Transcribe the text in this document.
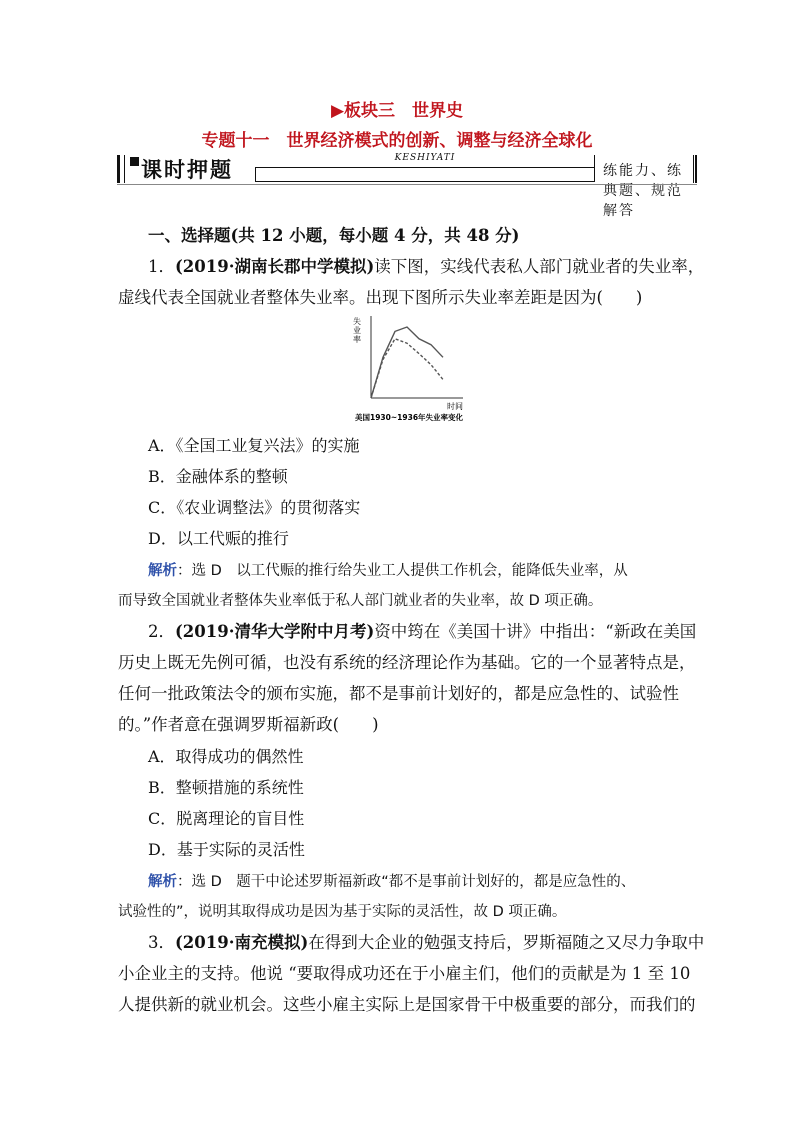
▶板块三　世界史
专题十一　世界经济模式的创新、调整与经济全球化
课时押题	KESHIYATI
练能力、练典题、规范解答
一、选择题(共 12 小题，每小题 4 分，共 48 分)
1．(2019·湖南长郡中学模拟)读下图，实线代表私人部门就业者的失业率，
虚线代表全国就业者整体失业率。出现下图所示失业率差距是因为(　　)
失
业
率
时间
美国1930~1936年失业率变化
A．《全国工业复兴法》的实施
B．金融体系的整顿
C．《农业调整法》的贯彻落实
D．以工代赈的推行
解析：选 D　以工代赈的推行给失业工人提供工作机会，能降低失业率，从
而导致全国就业者整体失业率低于私人部门就业者的失业率，故 D 项正确。
2．(2019·清华大学附中月考)资中筠在《美国十讲》中指出：“新政在美国
历史上既无先例可循，也没有系统的经济理论作为基础。它的一个显著特点是，
任何一批政策法令的颁布实施，都不是事前计划好的，都是应急性的、试验性
的。”作者意在强调罗斯福新政(　　)
A．取得成功的偶然性
B．整顿措施的系统性
C．脱离理论的盲目性
D．基于实际的灵活性
解析：选 D　题干中论述罗斯福新政“都不是事前计划好的，都是应急性的、
试验性的”，说明其取得成功是因为基于实际的灵活性，故 D 项正确。
3．(2019·南充模拟)在得到大企业的勉强支持后，罗斯福随之又尽力争取中
小企业主的支持。他说 “要取得成功还在于小雇主们，他们的贡献是为 1 至 10
人提供新的就业机会。这些小雇主实际上是国家骨干中极重要的部分，而我们的
